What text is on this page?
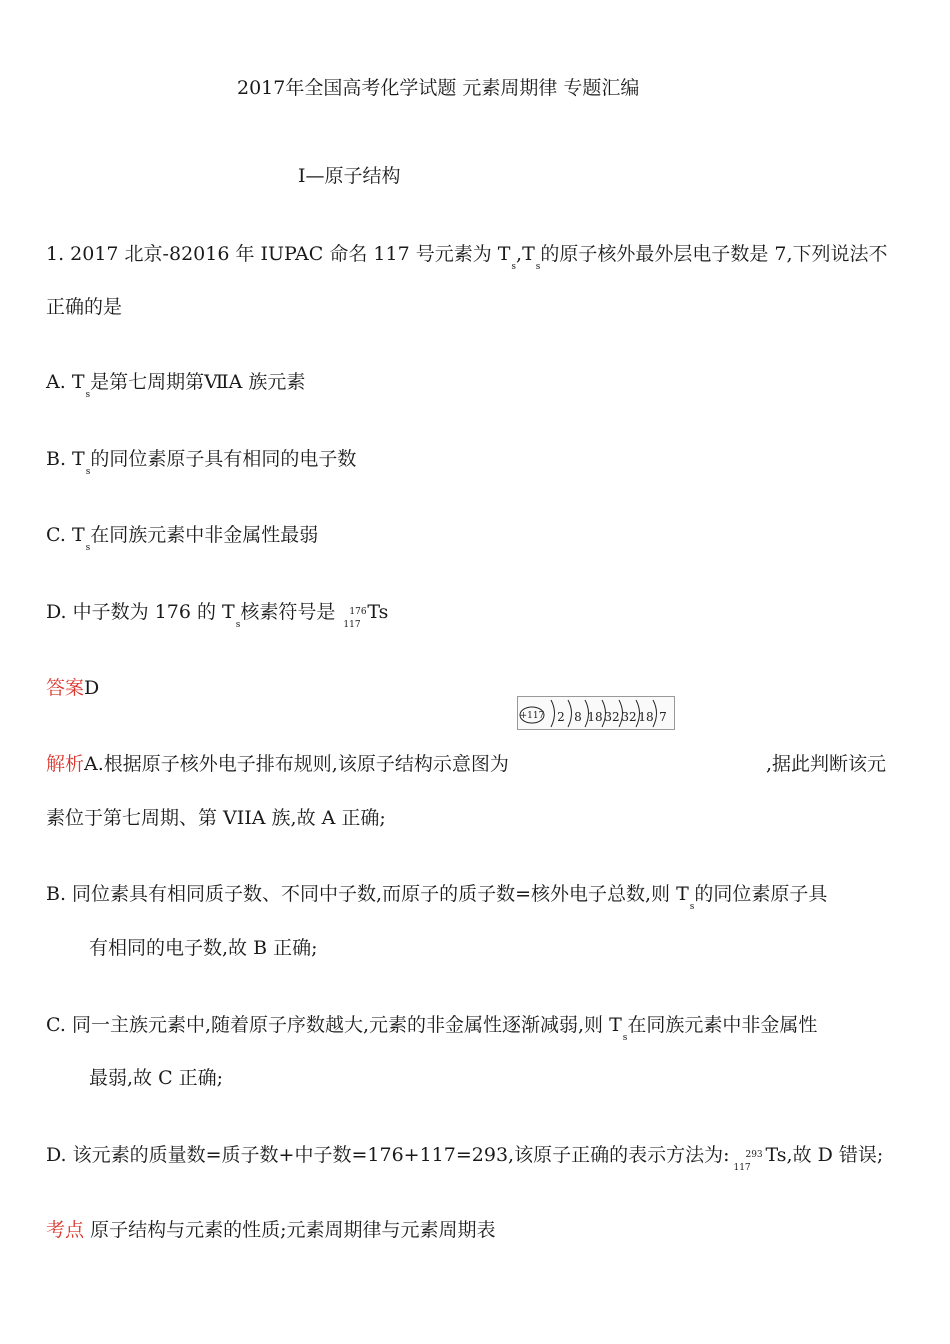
2017年全国高考化学试题 元素周期律 专题汇编
Ⅰ—原子结构
1. 2017 北京-82016 年 IUPAC 命名 117 号元素为 $T_s,T_s$的原子核外最外层电子数是 7,下列说法不
正确的是
A. $T_s$是第七周期第ⅦA 族元素
B. $T_s$的同位素原子具有相同的电子数
C. $T_s$在同族元素中非金属性最弱
D. 中子数为 176 的 $T_s$核素符号是
117
176 Ts
答案D
+117 2 8 18 32 32 18 7
解析A.根据原子核外电子排布规则,该原子结构示意图为	,据此判断该元
素位于第七周期、第 VIIA 族,故 A 正确;
B. 同位素具有相同质子数、不同中子数,而原子的质子数=核外电子总数,则 $T_s$的同位素原子具
有相同的电子数,故 B 正确;
C. 同一主族元素中,随着原子序数越大,元素的非金属性逐渐减弱,则 $T_s$在同族元素中非金属性
最弱,故 C 正确;
D. 该元素的质量数=质子数+中子数=176+117=293,该原子正确的表示方法为:
117
293 Ts,故 D 错误;
考点 原子结构与元素的性质;元素周期律与元素周期表
